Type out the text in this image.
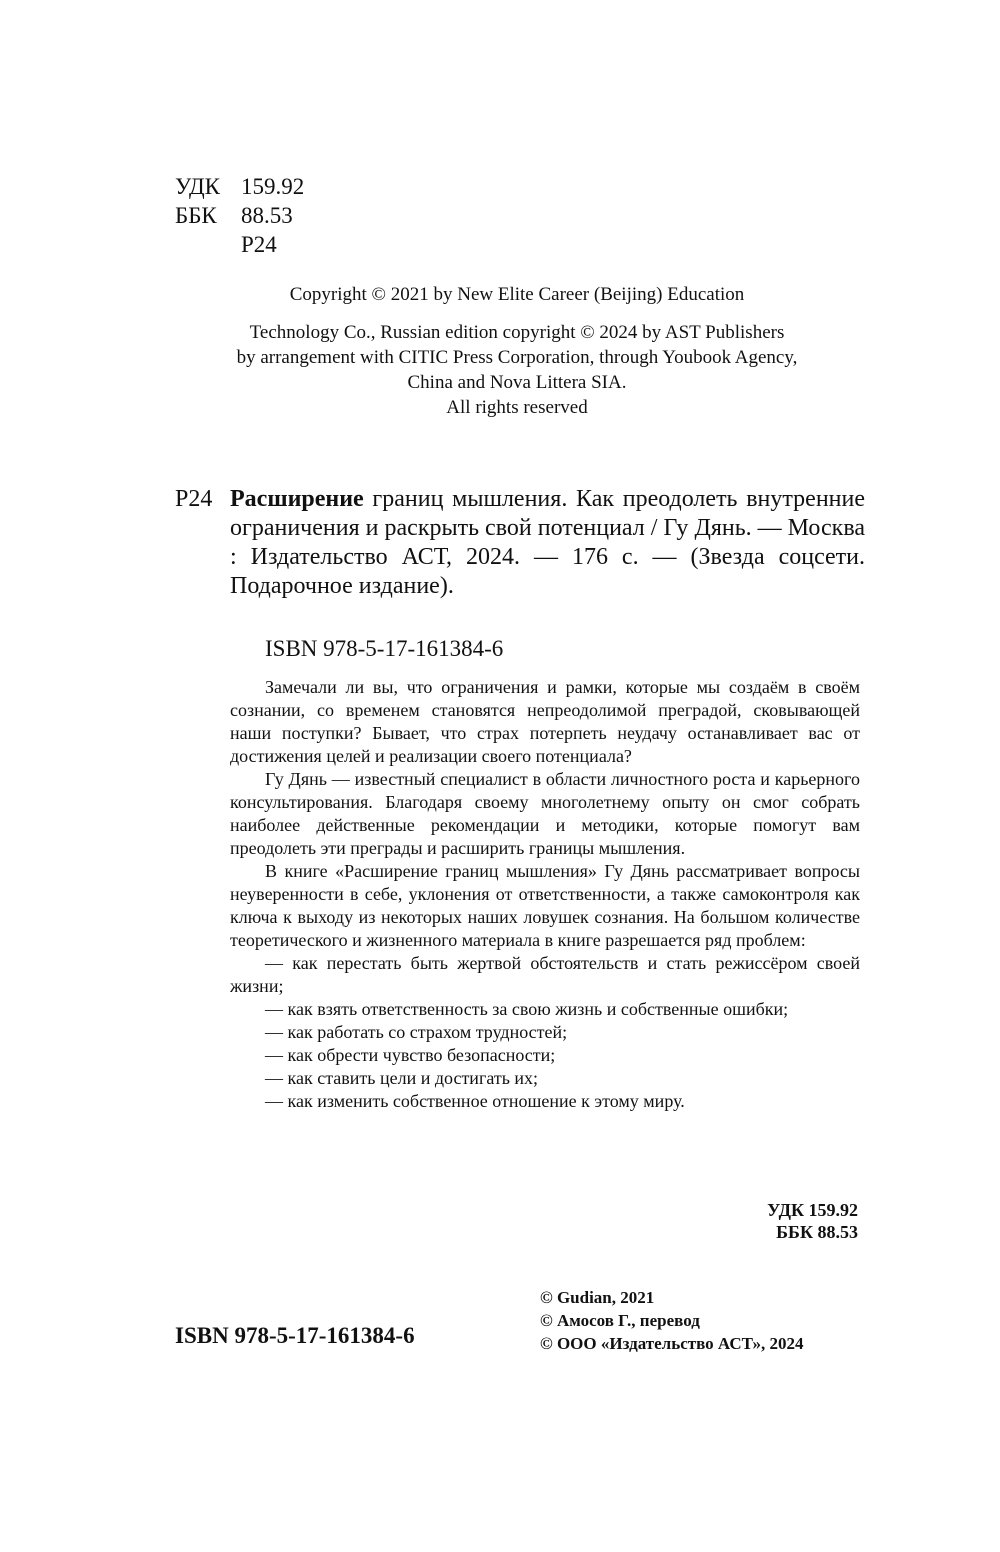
УДК 159.92
ББК	88.53
Р24
Copyright © 2021 by New Elite Career (Beijing) Education
Technology Co., Russian edition copyright © 2024 by AST Publishers
by arrangement with CITIC Press Corporation, through Youbook Agency,
China and Nova Littera SIA.
All rights reserved
Р24 Расширение границ мышления. Как преодолеть внутренние ограничения и раскрыть свой потенциал / Гу Дянь. — Москва : Издательство АСТ, 2024. — 176 с. — (Звезда соцсети. Подарочное издание).
ISBN 978-5-17-161384-6

Замечали ли вы, что ограничения и рамки, которые мы создаём в своём сознании, со временем становятся непреодолимой преградой, сковывающей наши поступки? Бывает, что страх потерпеть неудачу останавливает вас от достижения целей и реализации своего потенциала?

Гу Дянь — известный специалист в области личностного роста и карьерного консультирования. Благодаря своему многолетнему опыту он смог собрать наиболее действенные рекомендации и методики, которые помогут вам преодолеть эти преграды и расширить границы мышления.

В книге «Расширение границ мышления» Гу Дянь рассматривает вопросы неуверенности в себе, уклонения от ответственности, а также самоконтроля как ключа к выходу из некоторых наших ловушек сознания. На большом количестве теоретического и жизненного материала в книге разрешается ряд проблем:

— как перестать быть жертвой обстоятельств и стать режиссёром своей жизни;

— как взять ответственность за свою жизнь и собственные ошибки;

— как работать со страхом трудностей;

— как обрести чувство безопасности;

— как ставить цели и достигать их;

— как изменить собственное отношение к этому миру.

УДК 159.92
ББК 88.53
ISBN 978-5-17-161384-6
© Gudian, 2021
© Амосов Г., перевод
© ООО «Издательство АСТ», 2024
